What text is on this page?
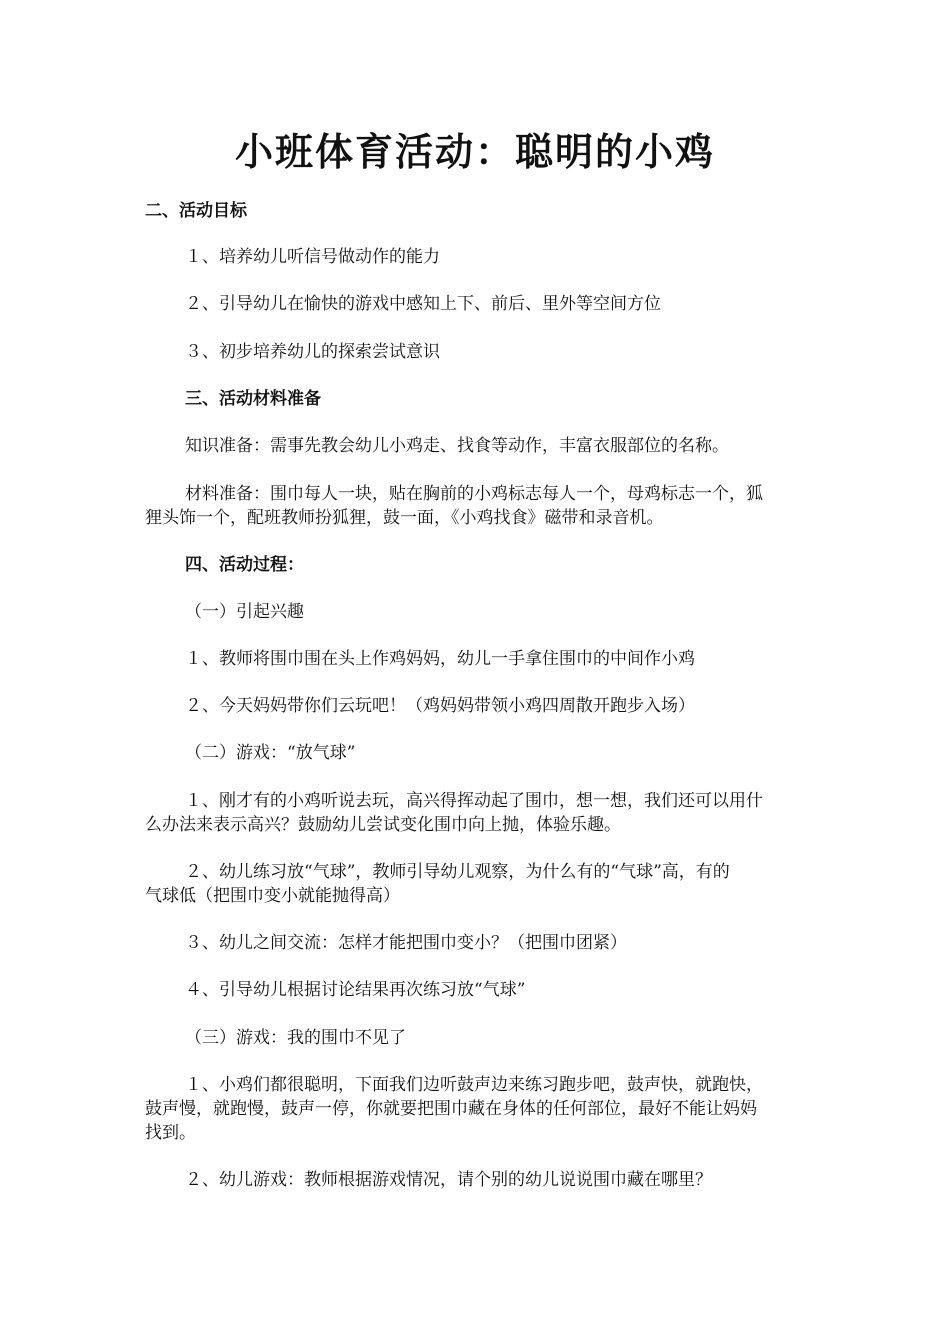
小班体育活动：聪明的小鸡

二、活动目标

１、培养幼儿听信号做动作的能力

２、引导幼儿在愉快的游戏中感知上下、前后、里外等空间方位

３、初步培养幼儿的探索尝试意识

三、活动材料准备

知识准备：需事先教会幼儿小鸡走、找食等动作，丰富衣服部位的名称。

材料准备：围巾每人一块，贴在胸前的小鸡标志每人一个，母鸡标志一个，狐

狸头饰一个，配班教师扮狐狸，鼓一面，《小鸡找食》磁带和录音机。

四、活动过程：

（一）引起兴趣

１、教师将围巾围在头上作鸡妈妈，幼儿一手拿住围巾的中间作小鸡

２、今天妈妈带你们云玩吧！（鸡妈妈带领小鸡四周散开跑步入场）

（二）游戏：“放气球”

１、刚才有的小鸡听说去玩，高兴得挥动起了围巾，想一想，我们还可以用什

么办法来表示高兴？鼓励幼儿尝试变化围巾向上抛，体验乐趣。

２、幼儿练习放“气球”，教师引导幼儿观察，为什么有的“气球”高，有的

气球低（把围巾变小就能抛得高）

３、幼儿之间交流：怎样才能把围巾变小？（把围巾团紧）

４、引导幼儿根据讨论结果再次练习放“气球”

（三）游戏：我的围巾不见了

１、小鸡们都很聪明，下面我们边听鼓声边来练习跑步吧，鼓声快，就跑快，

鼓声慢，就跑慢，鼓声一停，你就要把围巾藏在身体的任何部位，最好不能让妈妈

找到。

２、幼儿游戏：教师根据游戏情况，请个别的幼儿说说围巾藏在哪里？
